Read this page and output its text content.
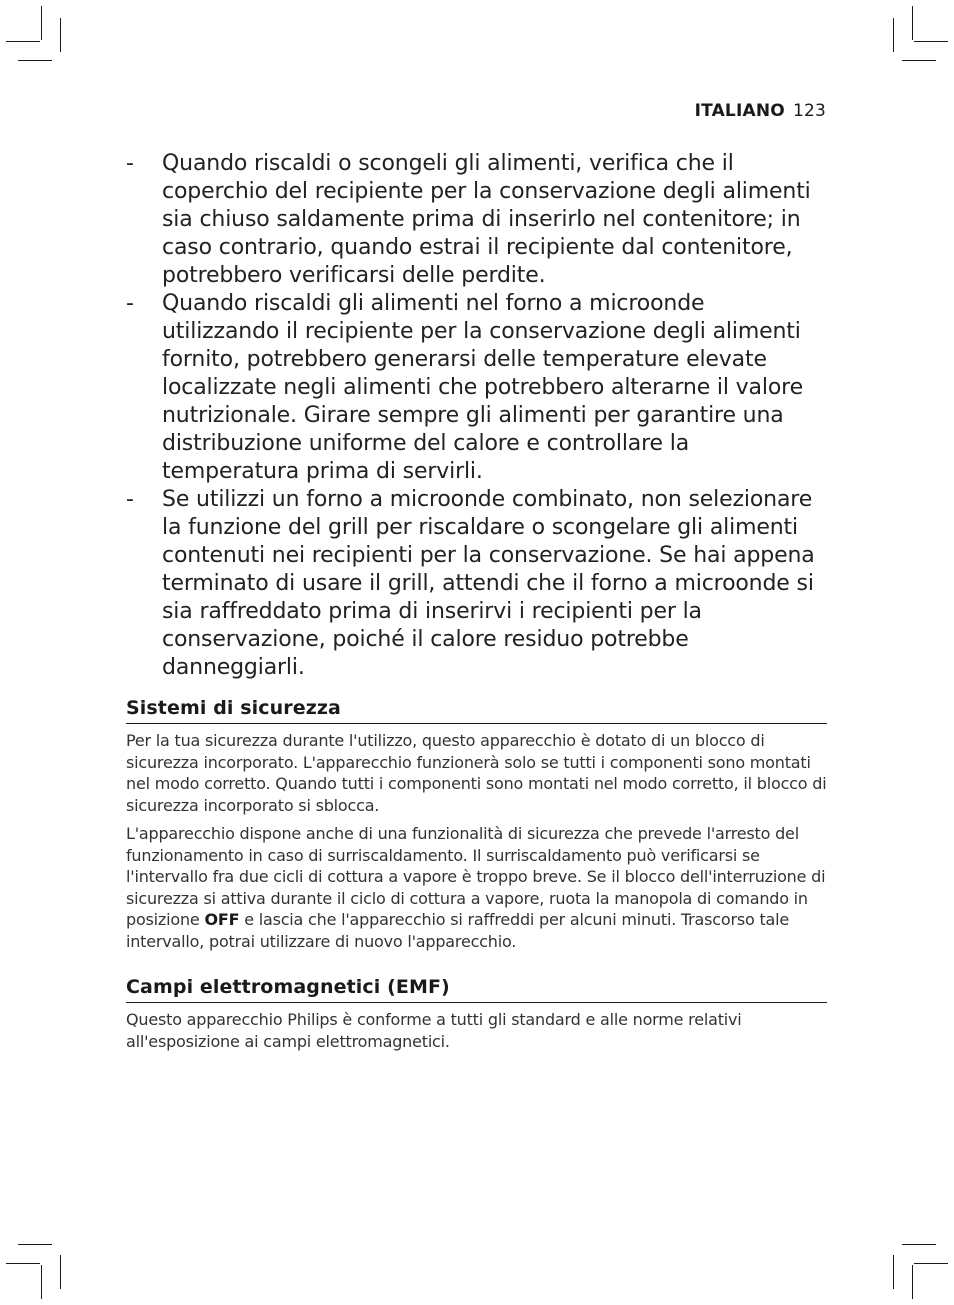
ITALIANO 123
- Quando riscaldi o scongeli gli alimenti, verifica che il coperchio del recipiente per la conservazione degli alimenti sia chiuso saldamente prima di inserirlo nel contenitore; in caso contrario, quando estrai il recipiente dal contenitore, potrebbero verificarsi delle perdite.
- Quando riscaldi gli alimenti nel forno a microonde utilizzando il recipiente per la conservazione degli alimenti fornito, potrebbero generarsi delle temperature elevate localizzate negli alimenti che potrebbero alterarne il valore nutrizionale. Girare sempre gli alimenti per garantire una distribuzione uniforme del calore e controllare la temperatura prima di servirli.
- Se utilizzi un forno a microonde combinato, non selezionare la funzione del grill per riscaldare o scongelare gli alimenti contenuti nei recipienti per la conservazione. Se hai appena terminato di usare il grill, attendi che il forno a microonde si sia raffreddato prima di inserirvi i recipienti per la conservazione, poiché il calore residuo potrebbe danneggiarli.
Sistemi di sicurezza

Per la tua sicurezza durante l'utilizzo, questo apparecchio è dotato di un blocco di sicurezza incorporato. L'apparecchio funzionerà solo se tutti i componenti sono montati nel modo corretto. Quando tutti i componenti sono montati nel modo corretto, il blocco di sicurezza incorporato si sblocca.

L'apparecchio dispone anche di una funzionalità di sicurezza che prevede l'arresto del funzionamento in caso di surriscaldamento. Il surriscaldamento può verificarsi se l'intervallo fra due cicli di cottura a vapore è troppo breve. Se il blocco dell'interruzione di sicurezza si attiva durante il ciclo di cottura a vapore, ruota la manopola di comando in posizione OFF e lascia che l'apparecchio si raffreddi per alcuni minuti. Trascorso tale intervallo, potrai utilizzare di nuovo l'apparecchio.

Campi elettromagnetici (EMF)

Questo apparecchio Philips è conforme a tutti gli standard e alle norme relativi all'esposizione ai campi elettromagnetici.
